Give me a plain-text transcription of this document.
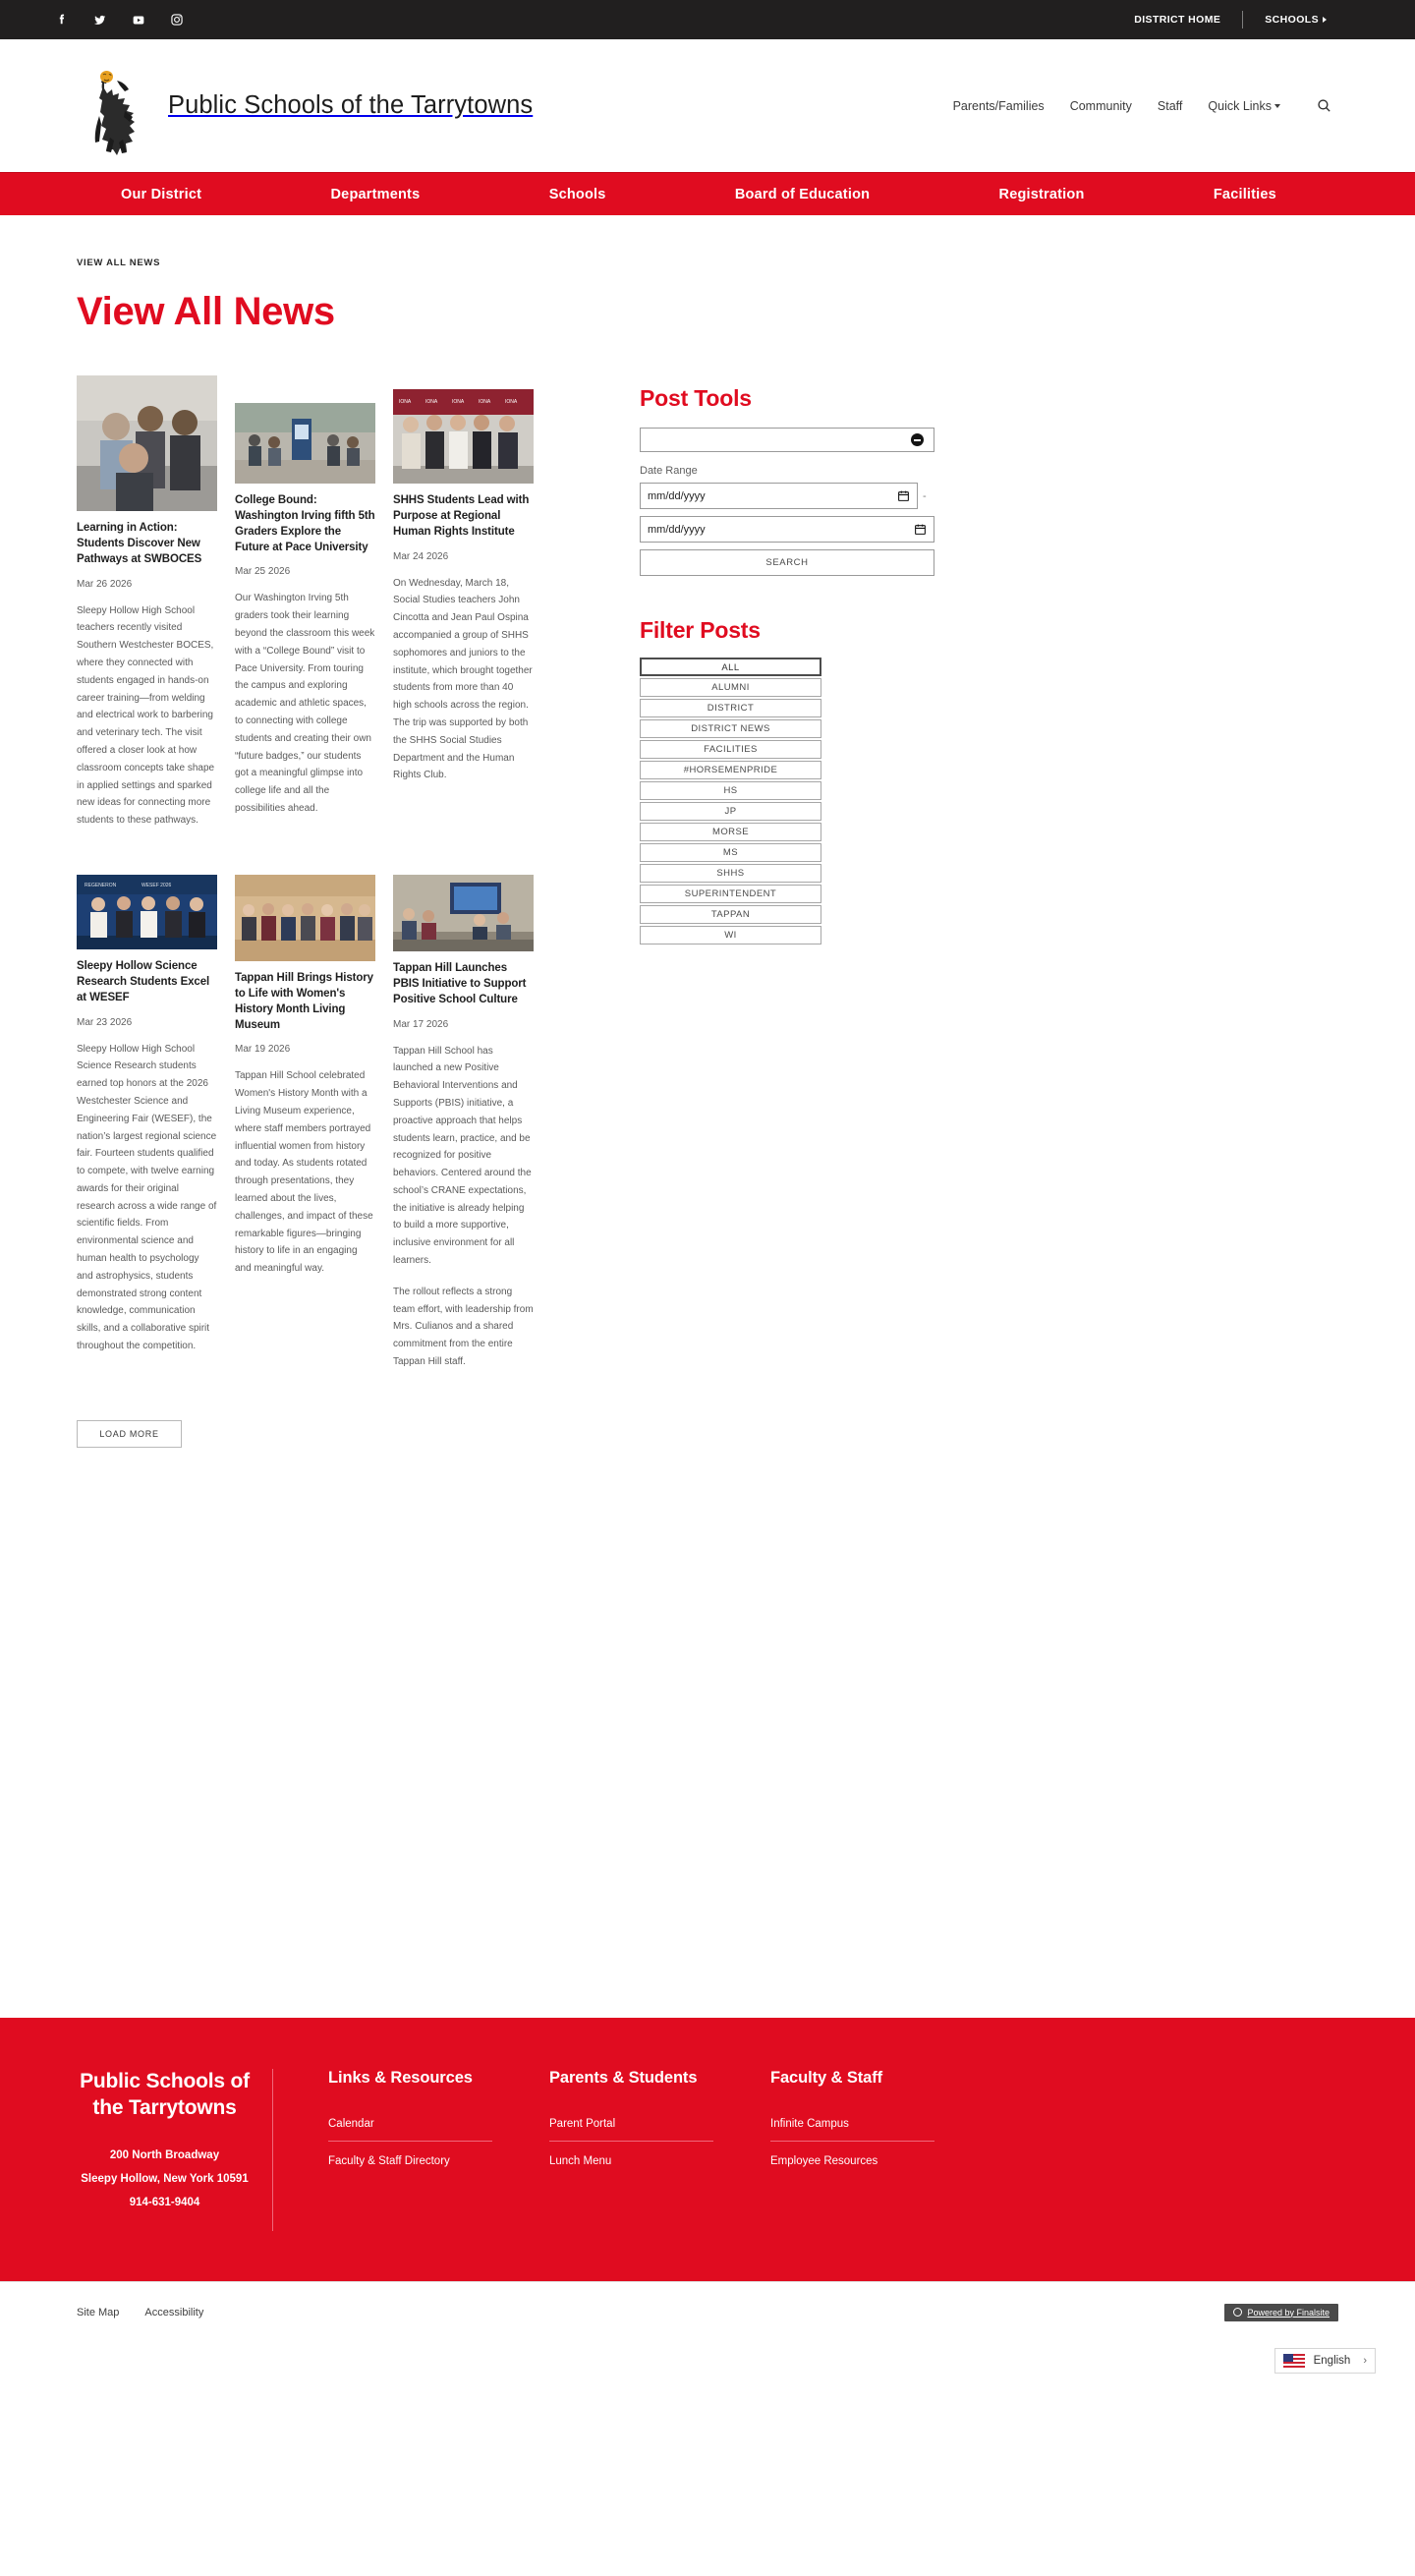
DISTRICT HOME	SCHOOLS
Public Schools of the Tarrytowns	Parents/Families Community Staff Quick Links
Our District	Departments	Schools	Board of Education	Registration	Facilities
VIEW ALL NEWS
View All News
Learning in Action: Students Discover New Pathways at SWBOCES
Mar 26 2026

Sleepy Hollow High School teachers recently visited Southern Westchester BOCES, where they connected with students engaged in hands-on career training—from welding and electrical work to barbering and veterinary tech. The visit offered a closer look at how classroom concepts take shape in applied settings and sparked new ideas for connecting more students to these pathways.

College Bound: Washington Irving fifth 5th Graders Explore the Future at Pace University
Mar 25 2026

Our Washington Irving 5th graders took their learning beyond the classroom this week with a “College Bound” visit to Pace University. From touring the campus and exploring academic and athletic spaces, to connecting with college students and creating their own “future badges,” our students got a meaningful glimpse into college life and all the possibilities ahead.

IONA	IONA	IONA	IONA	IONA
SHHS Students Lead with Purpose at Regional Human Rights Institute
Mar 24 2026

On Wednesday, March 18, Social Studies teachers John Cincotta and Jean Paul Ospina accompanied a group of SHHS sophomores and juniors to the institute, which brought together students from more than 40 high schools across the region. The trip was supported by both the SHHS Social Studies Department and the Human Rights Club.

REGENERON	WESEF 2026
Sleepy Hollow Science Research Students Excel at WESEF
Mar 23 2026

Sleepy Hollow High School Science Research students earned top honors at the 2026 Westchester Science and Engineering Fair (WESEF), the nation’s largest regional science fair. Fourteen students qualified to compete, with twelve earning awards for their original research across a wide range of scientific fields. From environmental science and human health to psychology and astrophysics, students demonstrated strong content knowledge, communication skills, and a collaborative spirit throughout the competition.

Tappan Hill Brings History to Life with Women's History Month Living Museum
Mar 19 2026

Tappan Hill School celebrated Women's History Month with a Living Museum experience, where staff members portrayed influential women from history and today. As students rotated through presentations, they learned about the lives, challenges, and impact of these remarkable figures—bringing history to life in an engaging and meaningful way.

Tappan Hill Launches PBIS Initiative to Support Positive School Culture
Mar 17 2026

Tappan Hill School has launched a new Positive Behavioral Interventions and Supports (PBIS) initiative, a proactive approach that helps students learn, practice, and be recognized for positive behaviors. Centered around the school’s CRANE expectations, the initiative is already helping to build a more supportive, inclusive environment for all learners.

The rollout reflects a strong team effort, with leadership from Mrs. Culianos and a shared commitment from the entire Tappan Hill staff.

LOAD MORE
Post Tools
Date Range
mm/dd/yyyy	-
mm/dd/yyyy
SEARCH
Filter Posts
ALL
ALUMNI
DISTRICT
DISTRICT NEWS
FACILITIES
#HORSEMENPRIDE
HS
JP
MORSE
MS
SHHS
SUPERINTENDENT
TAPPAN
WI
Public Schools of the Tarrytowns
200 North Broadway
Sleepy Hollow, New York 10591
914-631-9404
Links & Resources
Calendar
Faculty & Staff Directory
Parents & Students
Parent Portal
Lunch Menu
Faculty & Staff
Infinite Campus
Employee Resources
Site Map Accessibility	Powered by Finalsite
English ›
